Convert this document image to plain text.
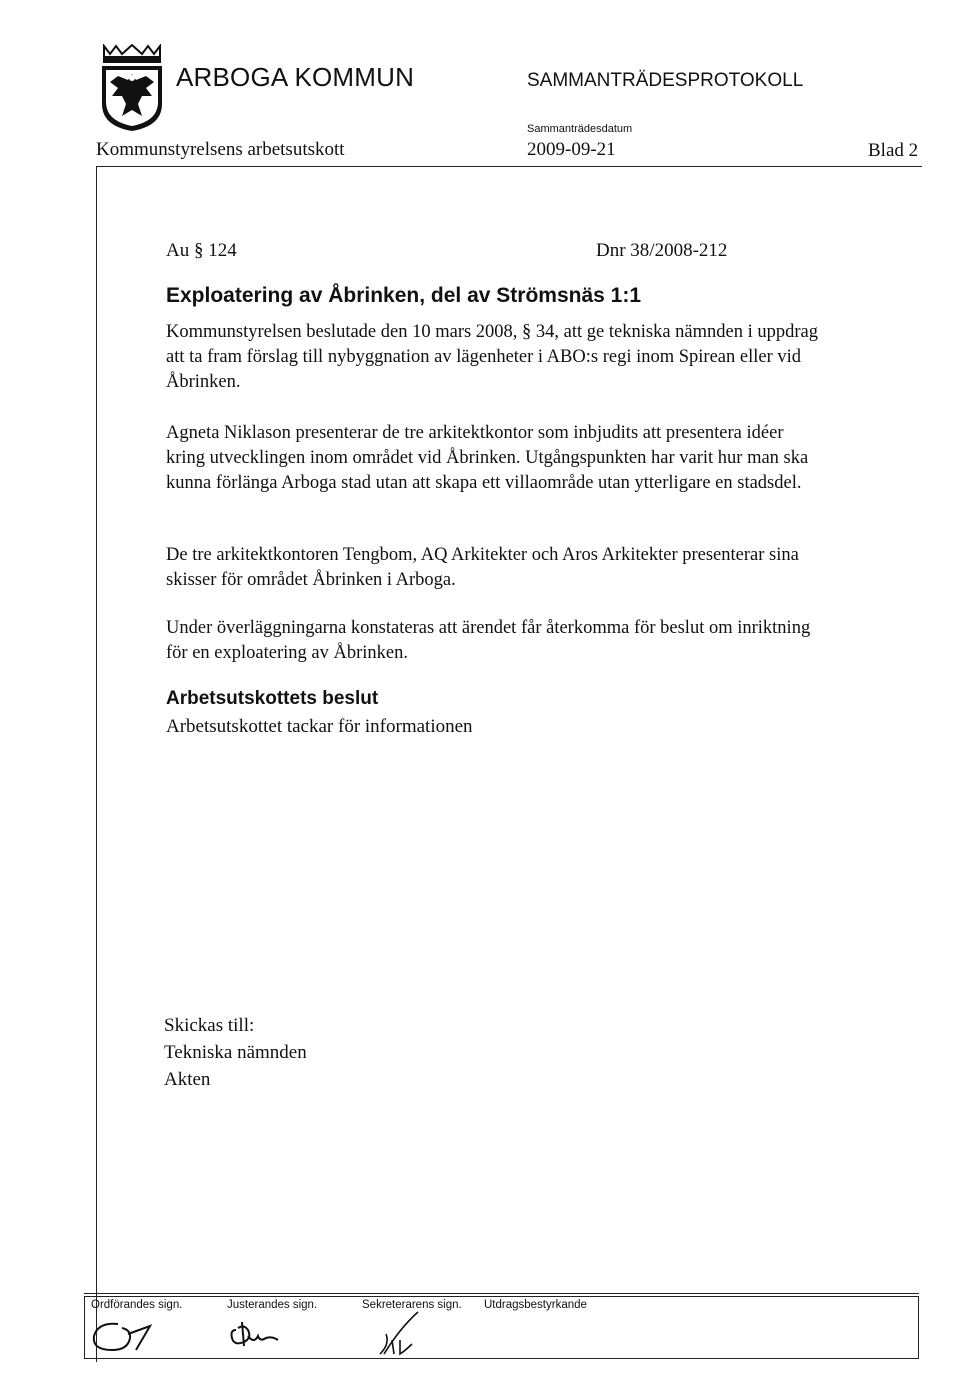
ARBOGA KOMMUN	SAMMANTRÄDESPROTOKOLL
Sammanträdesdatum
Kommunstyrelsens arbetsutskott	2009-09-21	Blad 2
Au § 124	Dnr 38/2008-212
Exploatering av Åbrinken, del av Strömsnäs 1:1

Kommunstyrelsen beslutade den 10 mars 2008, § 34, att ge tekniska nämnden i uppdrag att ta fram förslag till nybyggnation av lägenheter i ABO:s regi inom Spirean eller vid Åbrinken.

Agneta Niklason presenterar de tre arkitektkontor som inbjudits att presentera idéer kring utvecklingen inom området vid Åbrinken. Utgångspunkten har varit hur man ska kunna förlänga Arboga stad utan att skapa ett villaområde utan ytterligare en stadsdel.

De tre arkitektkontoren Tengbom, AQ Arkitekter och Aros Arkitekter presenterar sina skisser för området Åbrinken i Arboga.

Under överläggningarna konstateras att ärendet får återkomma för beslut om inriktning för en exploatering av Åbrinken.

Arbetsutskottets beslut
Arbetsutskottet tackar för informationen
Skickas till:
Tekniska nämnden
Akten
Ordförandes sign.	Justerandes sign.	Sekreterarens sign. Utdragsbestyrkande
